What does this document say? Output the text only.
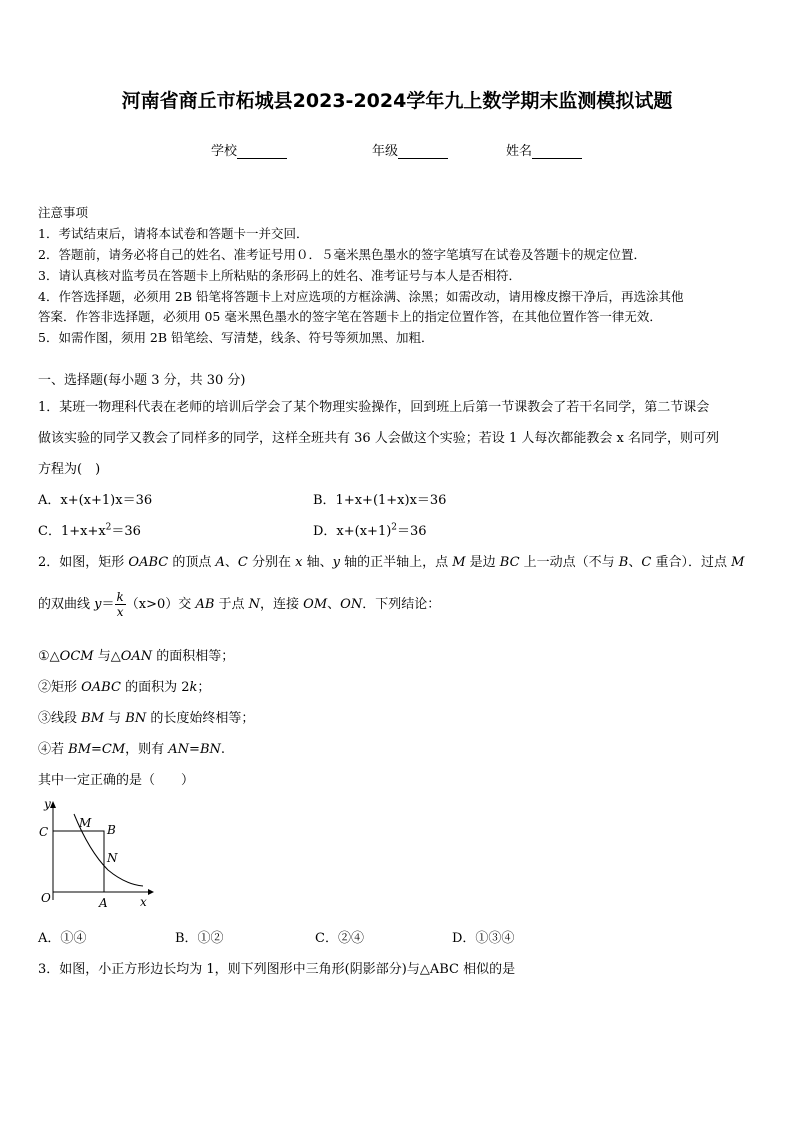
河南省商丘市柘城县2023-2024学年九上数学期末监测模拟试题
学校	年级	姓名
注意事项
1．考试结束后，请将本试卷和答题卡一并交回．
2．答题前，请务必将自己的姓名、准考证号用０．５毫米黑色墨水的签字笔填写在试卷及答题卡的规定位置．
3．请认真核对监考员在答题卡上所粘贴的条形码上的姓名、准考证号与本人是否相符．
4．作答选择题，必须用 2B 铅笔将答题卡上对应选项的方框涂满、涂黑；如需改动，请用橡皮擦干净后，再选涂其他
答案．作答非选择题，必须用 05 毫米黑色墨水的签字笔在答题卡上的指定位置作答，在其他位置作答一律无效．
5．如需作图，须用 2B 铅笔绘、写清楚，线条、符号等须加黑、加粗．
一、选择题(每小题 3 分，共 30 分)
1．某班一物理科代表在老师的培训后学会了某个物理实验操作，回到班上后第一节课教会了若干名同学，第二节课会
做该实验的同学又教会了同样多的同学，这样全班共有 36 人会做这个实验；若设 1 人每次都能教会 x 名同学，则可列
方程为(　)
A．x+(x+1)x＝36	B．1+x+(1+x)x＝36
C．$1+x+x^2=36$	D．$x+(x+1)^2=36$
2．如图，矩形 OABC 的顶点 A、C 分别在 x 轴、y 轴的正半轴上，点 M 是边 BC 上一动点（不与 B、C 重合）．过点 M
的双曲线 $y= \frac{k}{x} (x>0)$交 AB 于点 N，连接 OM、ON．下列结论：
①△OCM 与△OAN 的面积相等；
②矩形 OABC 的面积为 2k；
③线段 BM 与 BN 的长度始终相等；
④若 BM=CM，则有 AN=BN.
其中一定正确的是（　　）
y
C
M B
N
O	A	x
A．①④	B．①②	C．②④	D．①③④
3．如图，小正方形边长均为 1，则下列图形中三角形(阴影部分)与△ABC 相似的是
